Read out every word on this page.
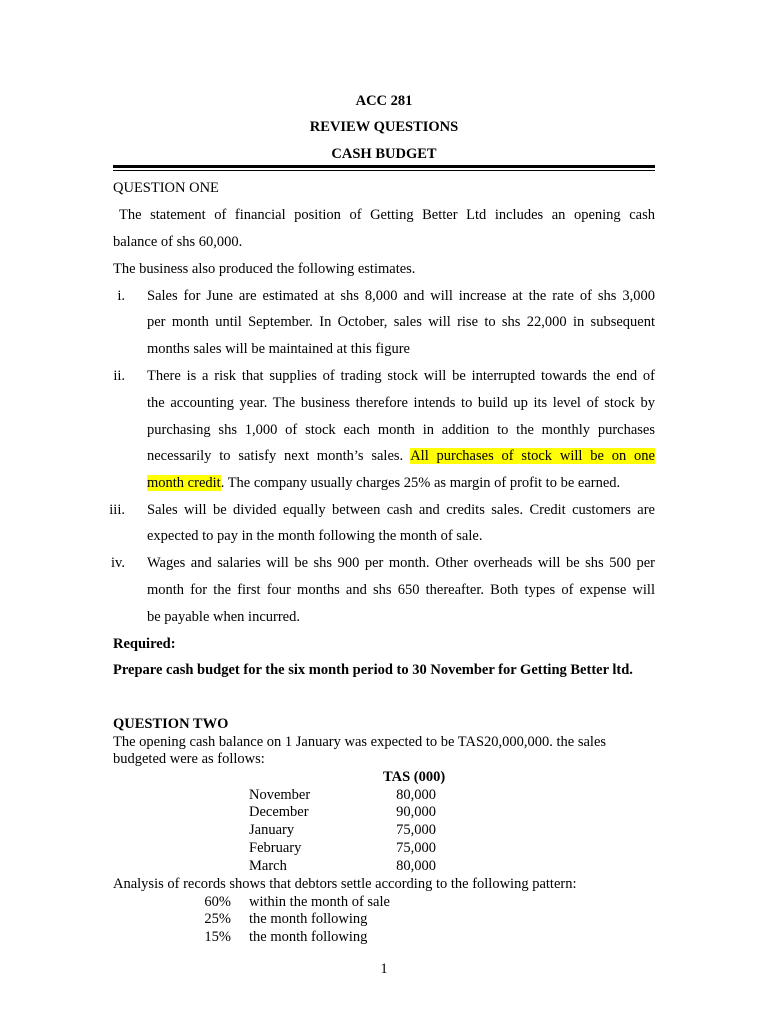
ACC 281
REVIEW QUESTIONS
CASH BUDGET
QUESTION ONE
The statement of financial position of Getting Better Ltd includes an opening cash
balance of shs 60,000.
The business also produced the following estimates.
i. Sales for June are estimated at shs 8,000 and will increase at the rate of shs 3,000
per month until September. In October, sales will rise to shs 22,000 in subsequent
months sales will be maintained at this figure
ii. There is a risk that supplies of trading stock will be interrupted towards the end of
the accounting year. The business therefore intends to build up its level of stock by
purchasing shs 1,000 of stock each month in addition to the monthly purchases
necessarily to satisfy next month’s sales. All purchases of stock will be on one
month credit. The company usually charges 25% as margin of profit to be earned.
iii. Sales will be divided equally between cash and credits sales. Credit customers are
expected to pay in the month following the month of sale.
iv. Wages and salaries will be shs 900 per month. Other overheads will be shs 500 per
month for the first four months and shs 650 thereafter. Both types of expense will
be payable when incurred.
Required:
Prepare cash budget for the six month period to 30 November for Getting Better ltd.
QUESTION TWO
The opening cash balance on 1 January was expected to be TAS20,000,000. the sales
budgeted were as follows:
TAS (000)
November	80,000
December	90,000
January	75,000
February	75,000
March	80,000
Analysis of records shows that debtors settle according to the following pattern:
60% within the month of sale
25% the month following
15% the month following
1
